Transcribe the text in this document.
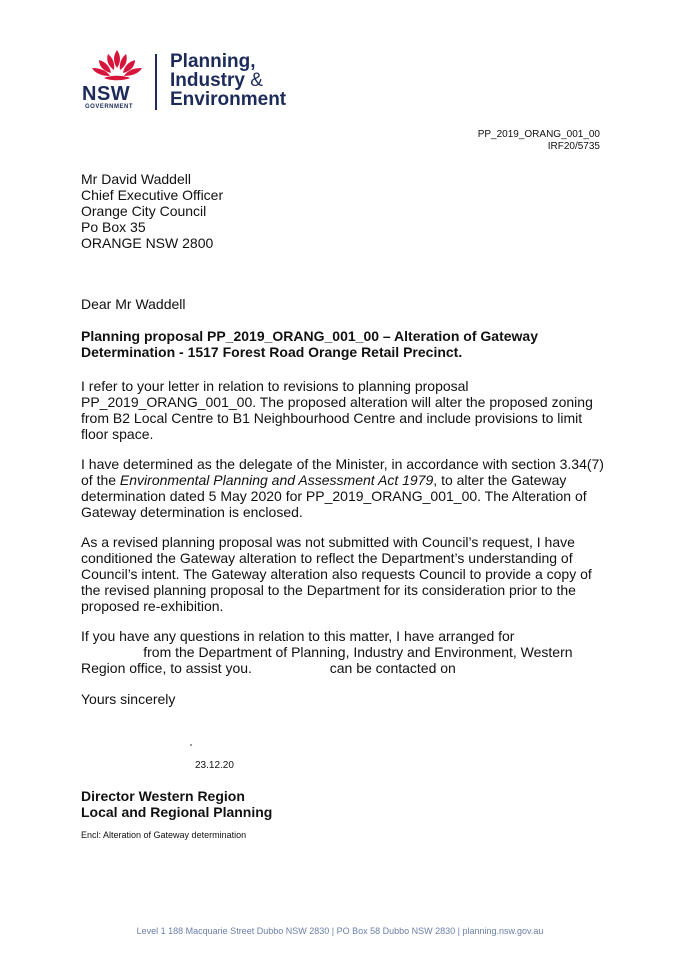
NSW
GOVERNMENT
Planning,
Industry &
Environment
PP_2019_ORANG_001_00
IRF20/5735
Mr David Waddell
Chief Executive Officer
Orange City Council
Po Box 35
ORANGE NSW 2800
Dear Mr Waddell
Planning proposal PP_2019_ORANG_001_00 – Alteration of Gateway
Determination - 1517 Forest Road Orange Retail Precinct.
I refer to your letter in relation to revisions to planning proposal
PP_2019_ORANG_001_00. The proposed alteration will alter the proposed zoning
from B2 Local Centre to B1 Neighbourhood Centre and include provisions to limit
floor space.
I have determined as the delegate of the Minister, in accordance with section 3.34(7)
of the Environmental Planning and Assessment Act 1979, to alter the Gateway
determination dated 5 May 2020 for PP_2019_ORANG_001_00. The Alteration of
Gateway determination is enclosed.
As a revised planning proposal was not submitted with Council’s request, I have
conditioned the Gateway alteration to reflect the Department’s understanding of
Council’s intent. The Gateway alteration also requests Council to provide a copy of
the revised planning proposal to the Department for its consideration prior to the
proposed re-exhibition.
If you have any questions in relation to this matter, I have arranged for
from the Department of Planning, Industry and Environment, Western
Region office, to assist you.                    can be contacted on
Yours sincerely
23.12.20
Director Western Region
Local and Regional Planning
Encl: Alteration of Gateway determination
Level 1 188 Macquarie Street Dubbo NSW 2830 | PO Box 58 Dubbo NSW 2830 | planning.nsw.gov.au
